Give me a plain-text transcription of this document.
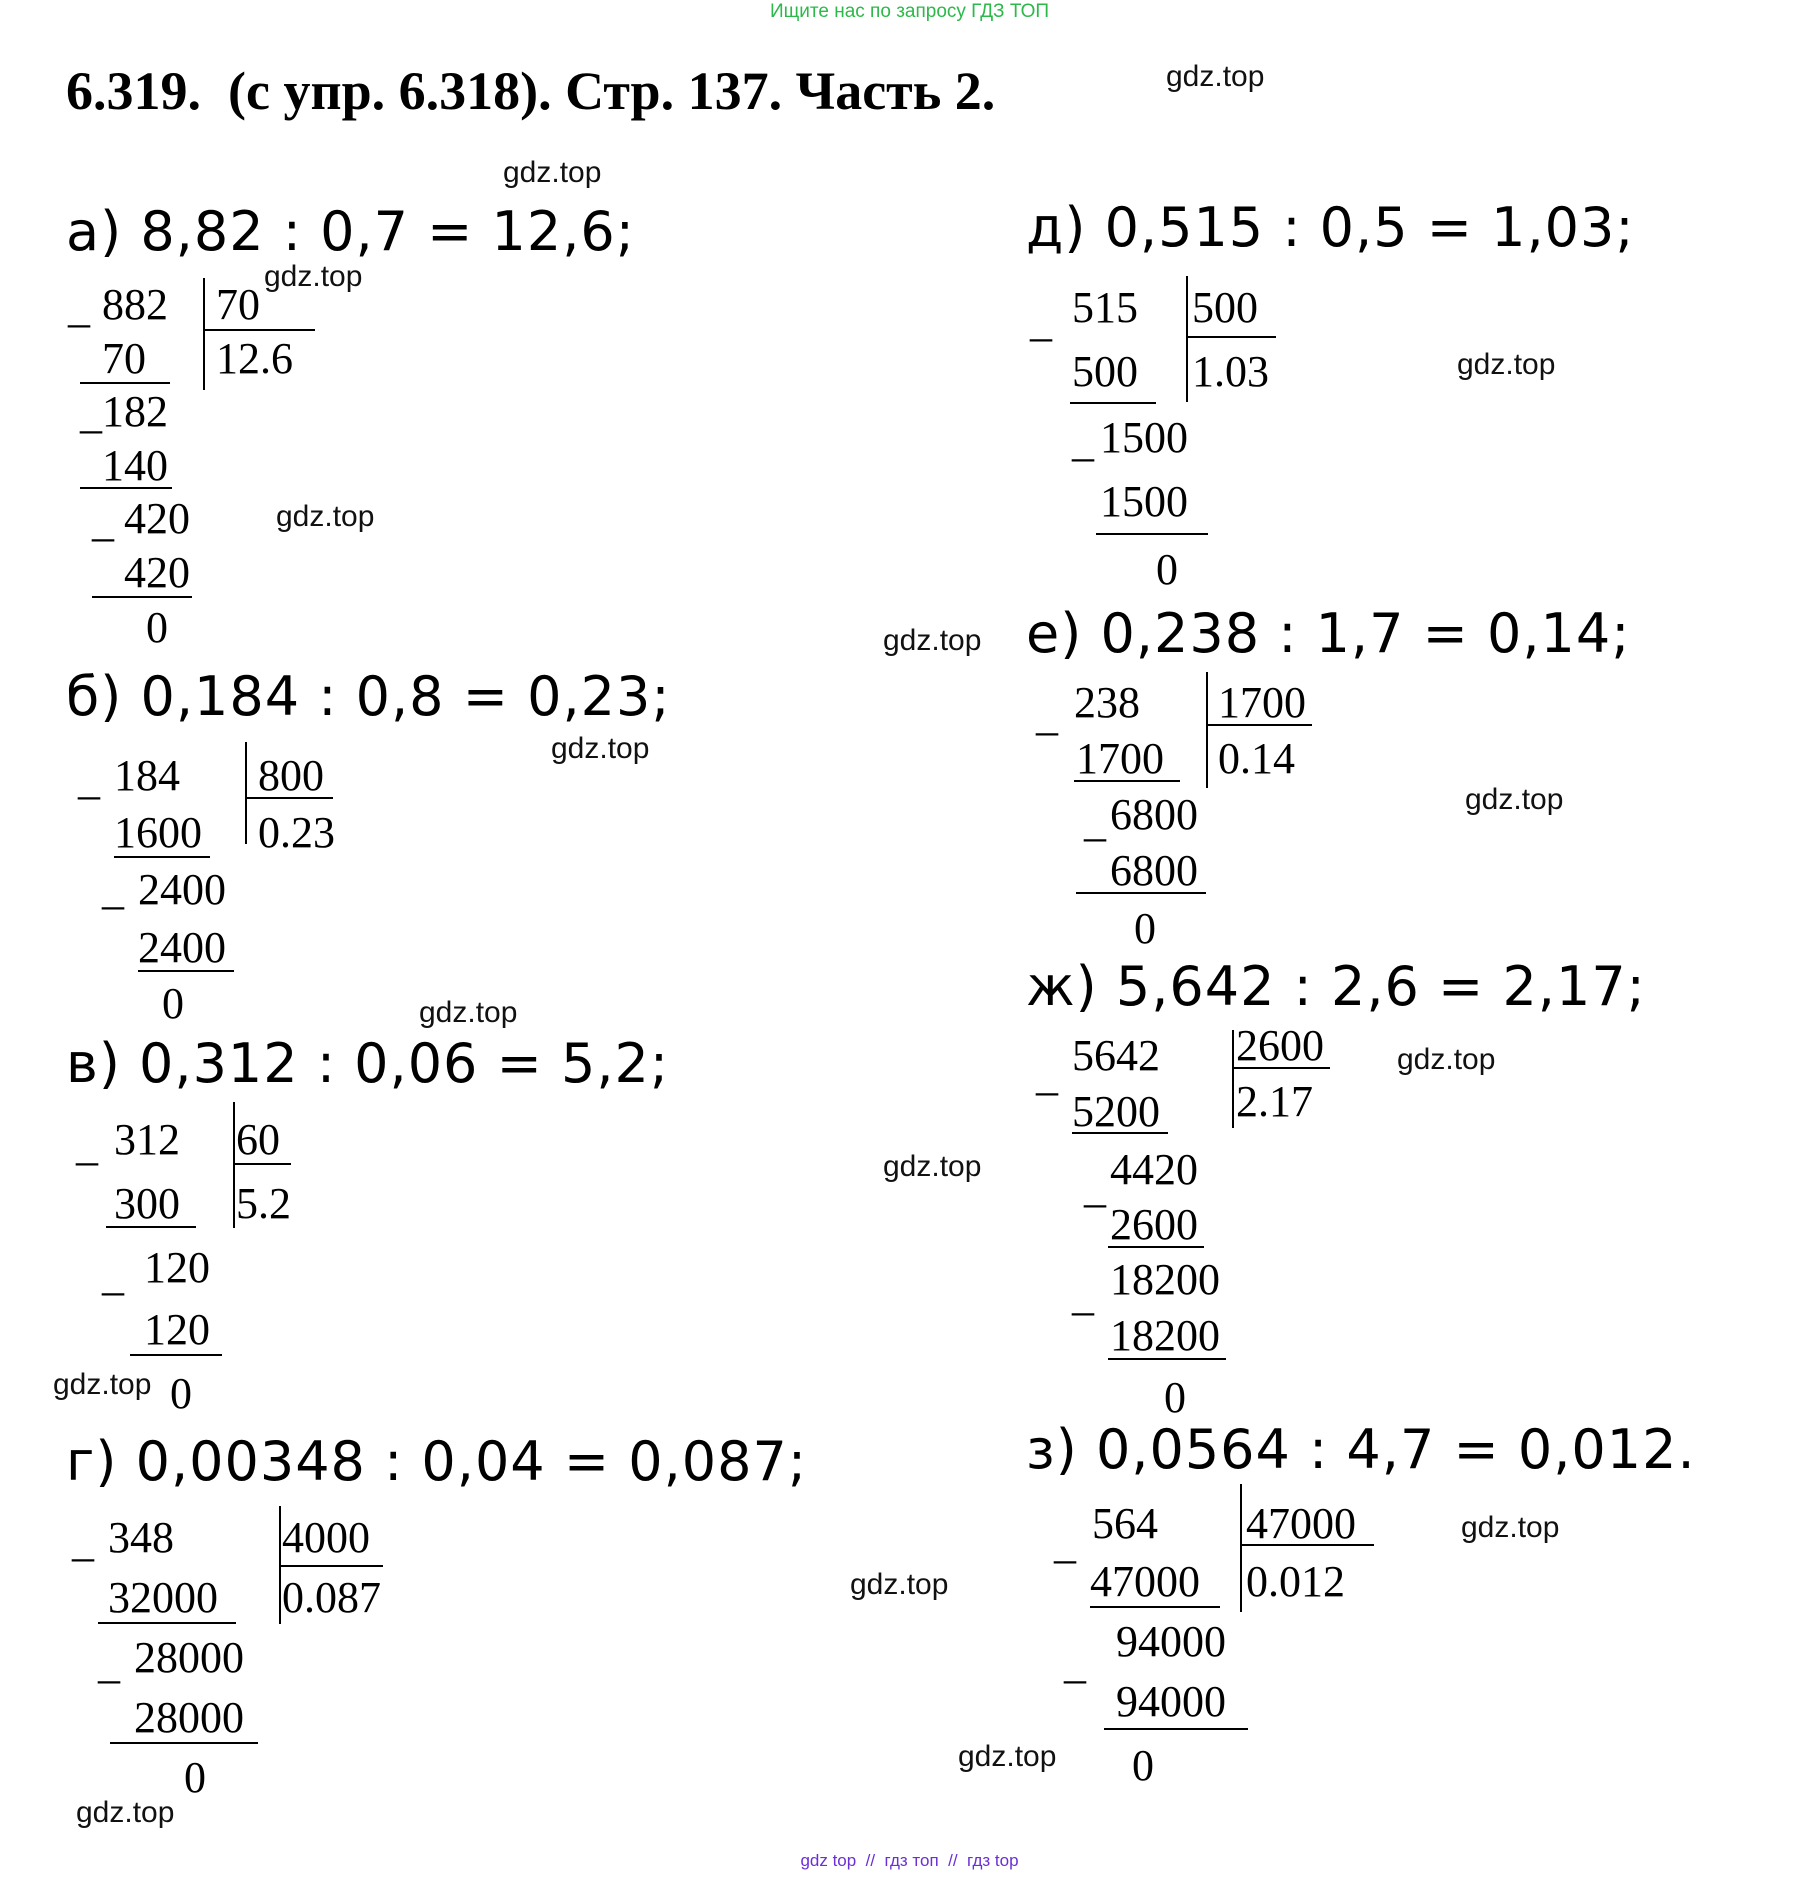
Ищите нас по запросу ГДЗ ТОП
6.319.  (с упр. 6.318). Стр. 137. Часть 2.
gdz top  //  гдз топ  //  гдз top
gdz.top
gdz.top
gdz.top
gdz.top
gdz.top
gdz.top
gdz.top
gdz.top
gdz.top
gdz.top
gdz.top
gdz.top
gdz.top
gdz.top
gdz.top
gdz.top
а) 8,82 : 0,7 = 12,6;
_ 882 70
12.6
70
_ 182
140
_ 420
420
0
б) 0,184 : 0,8 = 0,23;
_ 184 800
0.23
1600
_ 2400
2400
0
в) 0,312 : 0,06 = 5,2;
_ 312 60
5.2
300
_ 120
120
0
г) 0,00348 : 0,04 = 0,087;
_ 348 4000
0.087
32000
_ 28000
28000
0
д) 0,515 : 0,5 = 1,03;
_ 515 500
1.03
500
_ 1500
1500
0
е) 0,238 : 1,7 = 0,14;
_ 238 1700
0.14
1700
_ 6800
6800
0
ж) 5,642 : 2,6 = 2,17;
_ 5642 2600
2.17
5200
_ 4420
2600
_ 18200
18200
0
з) 0,0564 : 4,7 = 0,012.
_ 564 47000
0.012
47000
_ 94000
94000
0
